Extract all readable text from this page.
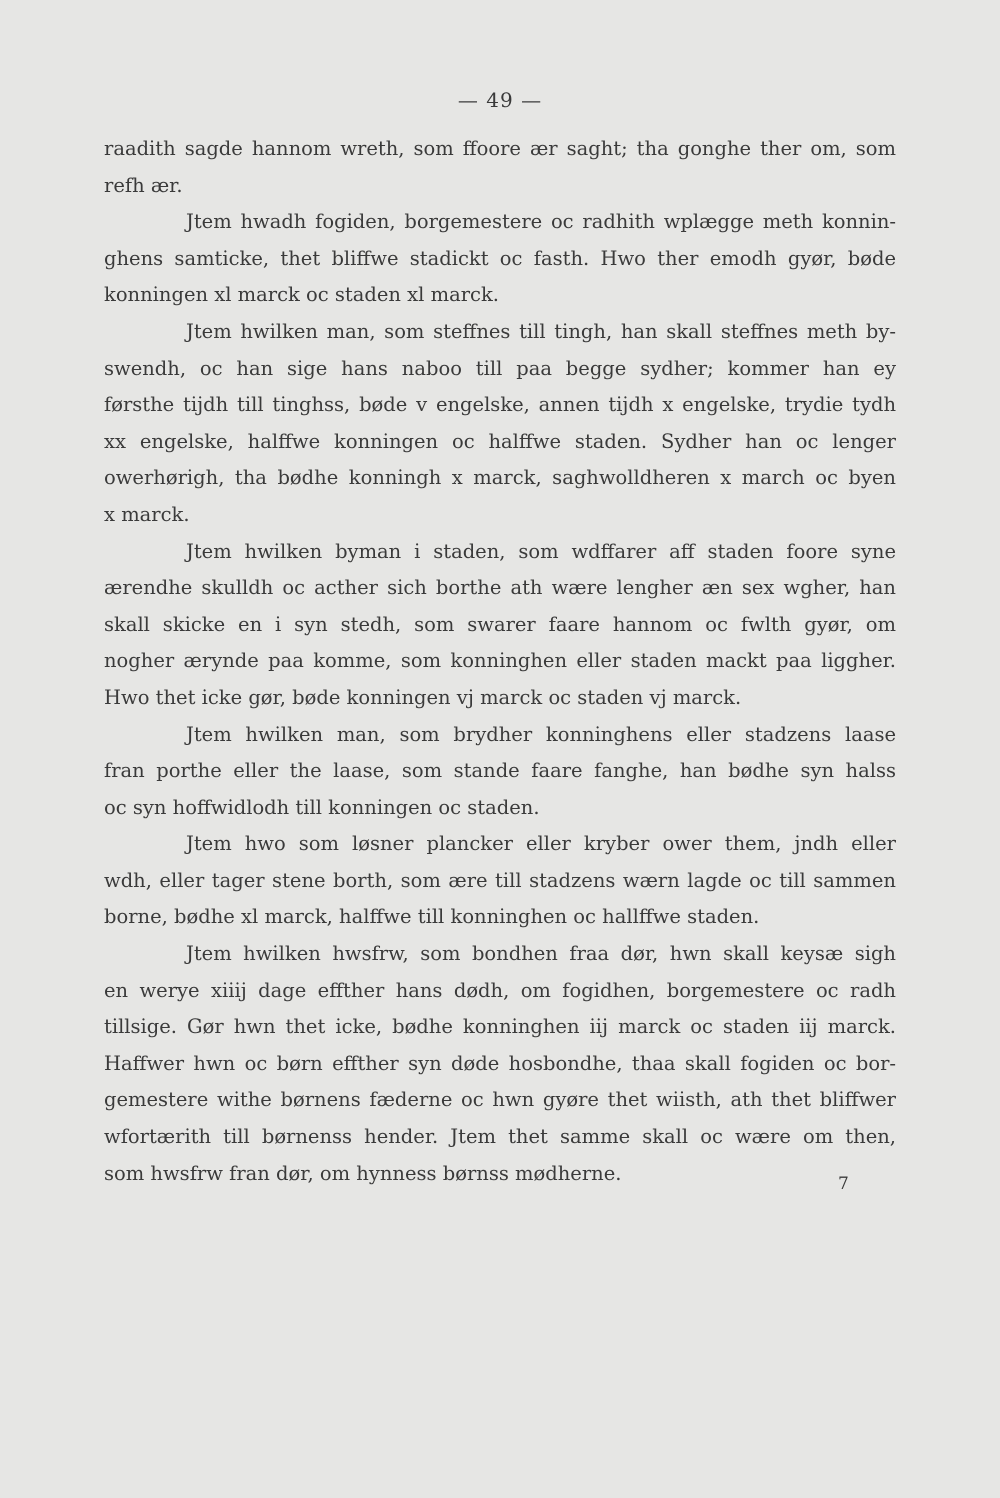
— 49 —
raadith sagde hannom wreth, som ffoore ær saght; tha gonghe ther om, som
refh ær.
Jtem hwadh fogiden, borgemestere oc radhith wplægge meth konnin-
ghens samticke, thet bliffwe stadickt oc fasth. Hwo ther emodh gyør, bøde
konningen xl marck oc staden xl marck.
Jtem hwilken man, som steffnes till tingh, han skall steffnes meth by-
swendh, oc han sige hans naboo till paa begge sydher; kommer han ey
førsthe tijdh till tinghss, bøde v engelske, annen tijdh x engelske, trydie tydh
xx engelske, halffwe konningen oc halffwe staden. Sydher han oc lenger
owerhørigh, tha bødhe konningh x marck, saghwolldheren x march oc byen
x marck.
Jtem hwilken byman i staden, som wdffarer aff staden foore syne
ærendhe skulldh oc acther sich borthe ath wære lengher æn sex wgher, han
skall skicke en i syn stedh, som swarer faare hannom oc fwlth gyør, om
nogher ærynde paa komme, som konninghen eller staden mackt paa liggher.
Hwo thet icke gør, bøde konningen vj marck oc staden vj marck.
Jtem hwilken man, som brydher konninghens eller stadzens laase
fran porthe eller the laase, som stande faare fanghe, han bødhe syn halss
oc syn hoffwidlodh till konningen oc staden.
Jtem hwo som løsner plancker eller kryber ower them, jndh eller
wdh, eller tager stene borth, som ære till stadzens wærn lagde oc till sammen
borne, bødhe xl marck, halffwe till konninghen oc hallffwe staden.
Jtem hwilken hwsfrw, som bondhen fraa dør, hwn skall keysæ sigh
en werye xiiij dage effther hans dødh, om fogidhen, borgemestere oc radh
tillsige. Gør hwn thet icke, bødhe konninghen iij marck oc staden iij marck.
Haffwer hwn oc børn effther syn døde hosbondhe, thaa skall fogiden oc bor-
gemestere withe børnens fæderne oc hwn gyøre thet wiisth, ath thet bliffwer
wfortærith till børnenss hender. Jtem thet samme skall oc wære om then,
som hwsfrw fran dør, om hynness børnss mødherne.	7
